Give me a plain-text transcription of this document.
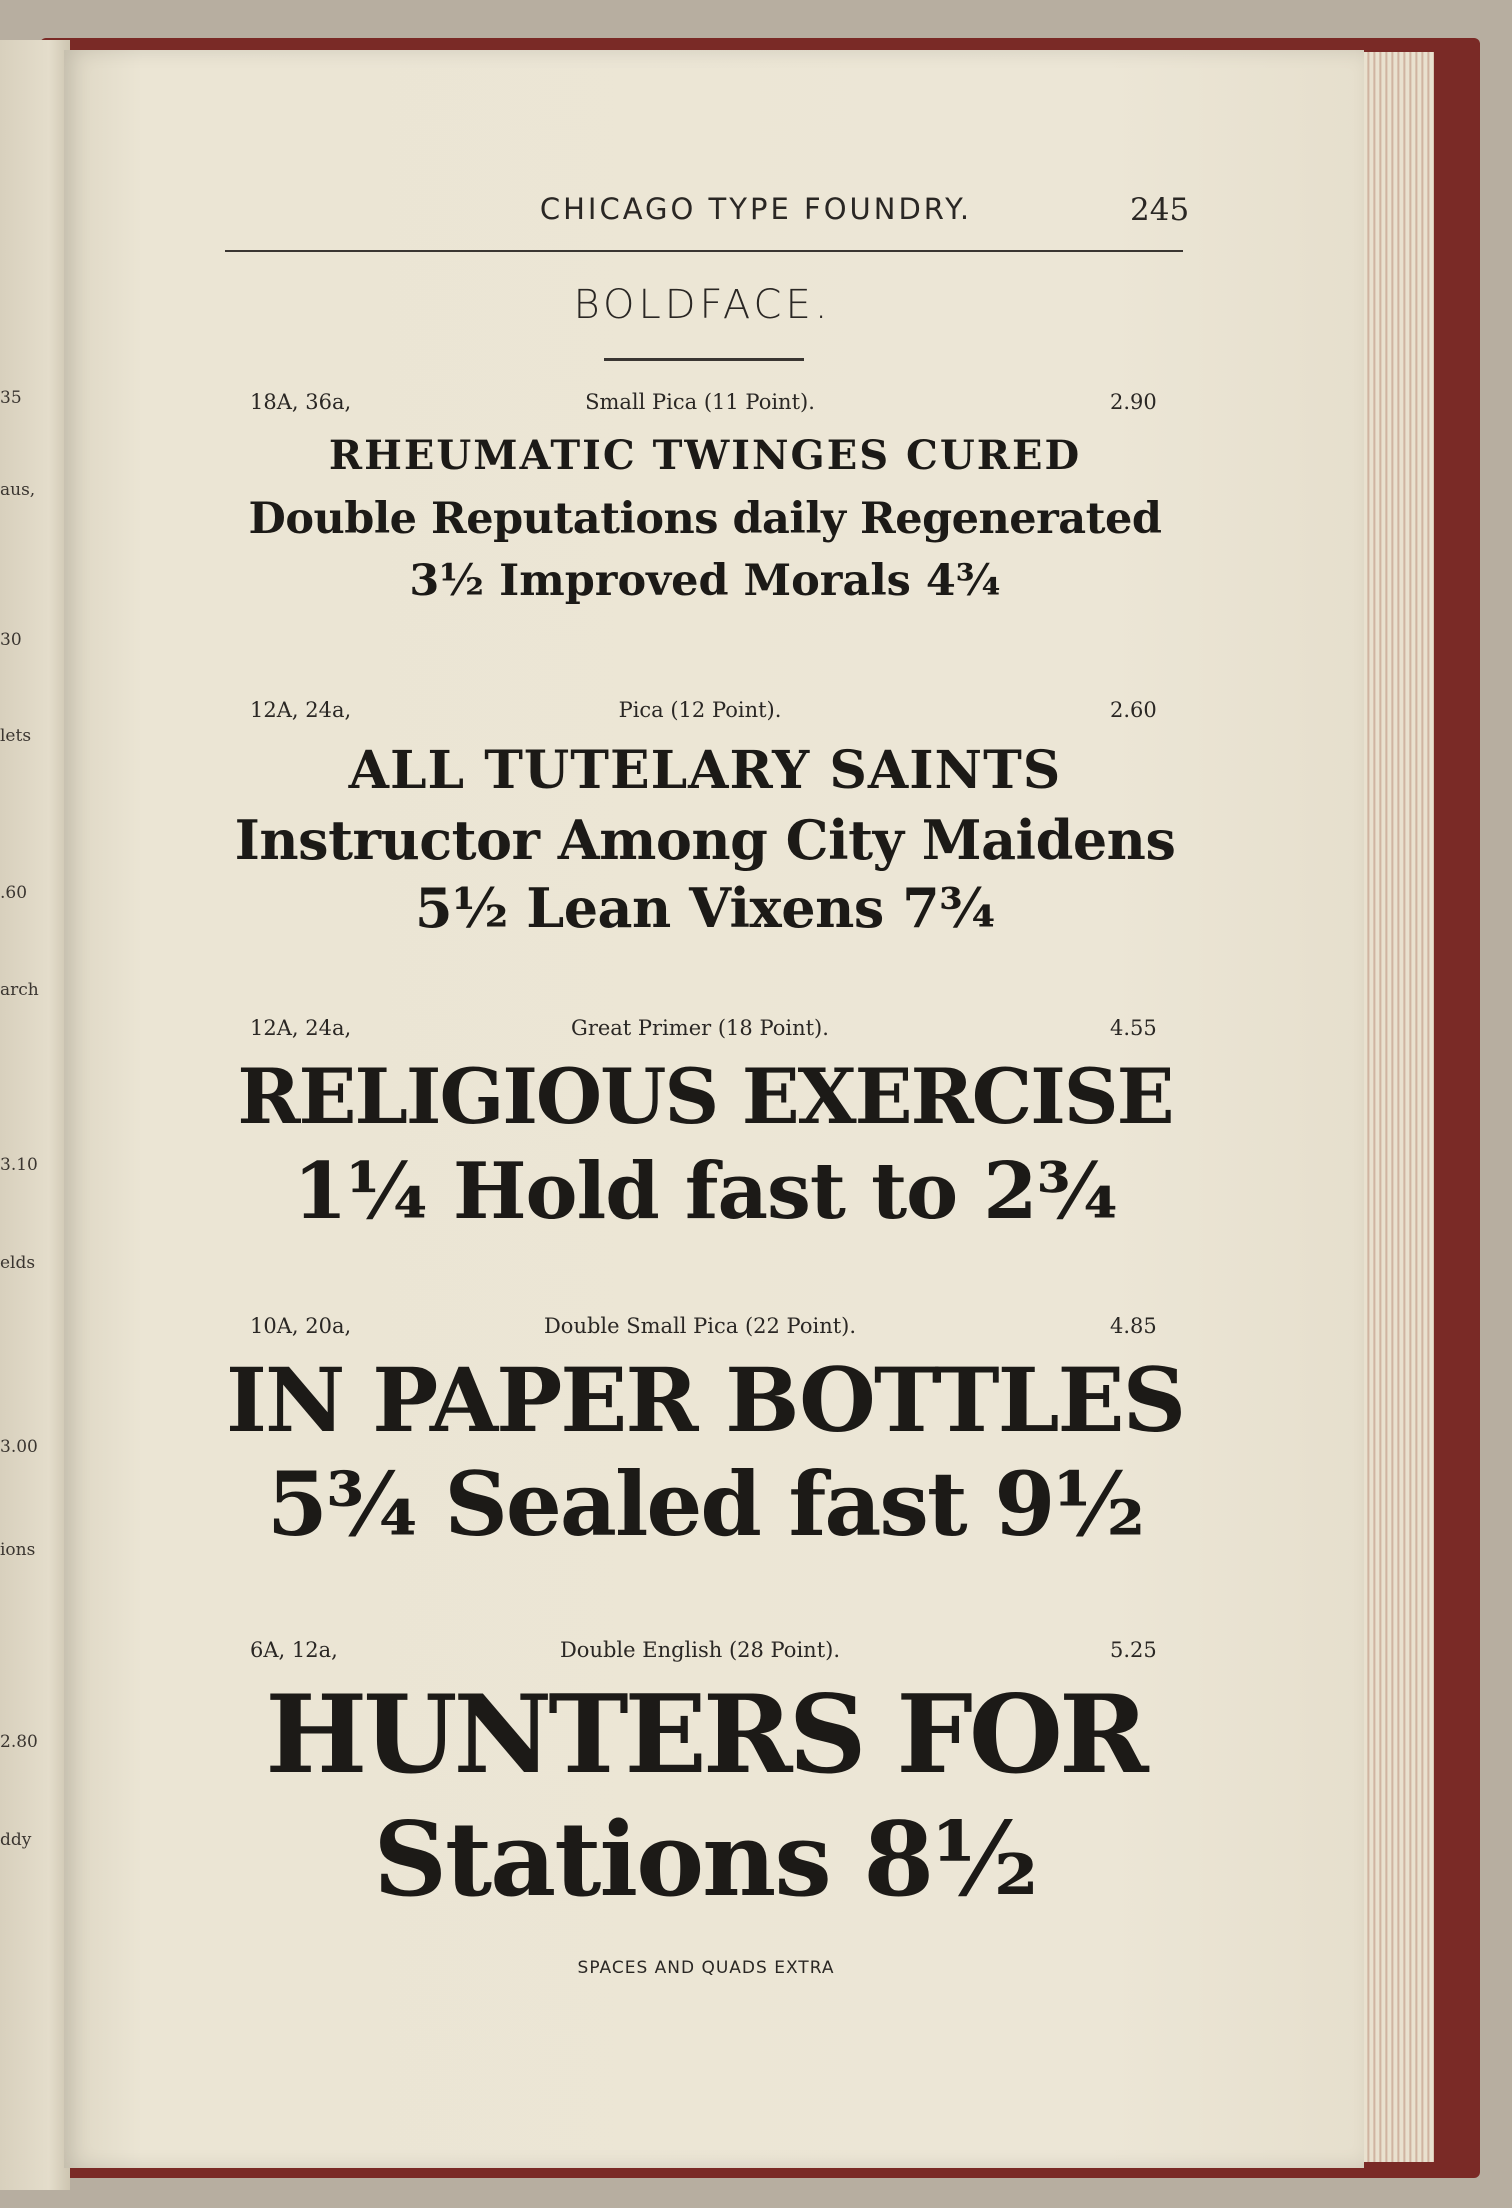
35
aus,
30
lets
.60
arch
3.10
elds
3.00
ions
2.80
ddy
CHICAGO TYPE FOUNDRY.	245
BOLDFACE.
18A, 36a,	Small Pica (11 Point).	2.90
RHEUMATIC TWINGES CURED
Double Reputations daily Regenerated
3½ Improved Morals 4¾
12A, 24a,	Pica (12 Point).	2.60
ALL TUTELARY SAINTS
Instructor Among City Maidens
5½ Lean Vixens 7¾
12A, 24a,	Great Primer (18 Point).	4.55
RELIGIOUS EXERCISE
1¼ Hold fast to 2¾
10A, 20a,	Double Small Pica (22 Point).	4.85
IN PAPER BOTTLES
5¾ Sealed fast 9½
6A, 12a,	Double English (28 Point).	5.25
HUNTERS FOR
Stations 8½
SPACES AND QUADS EXTRA
